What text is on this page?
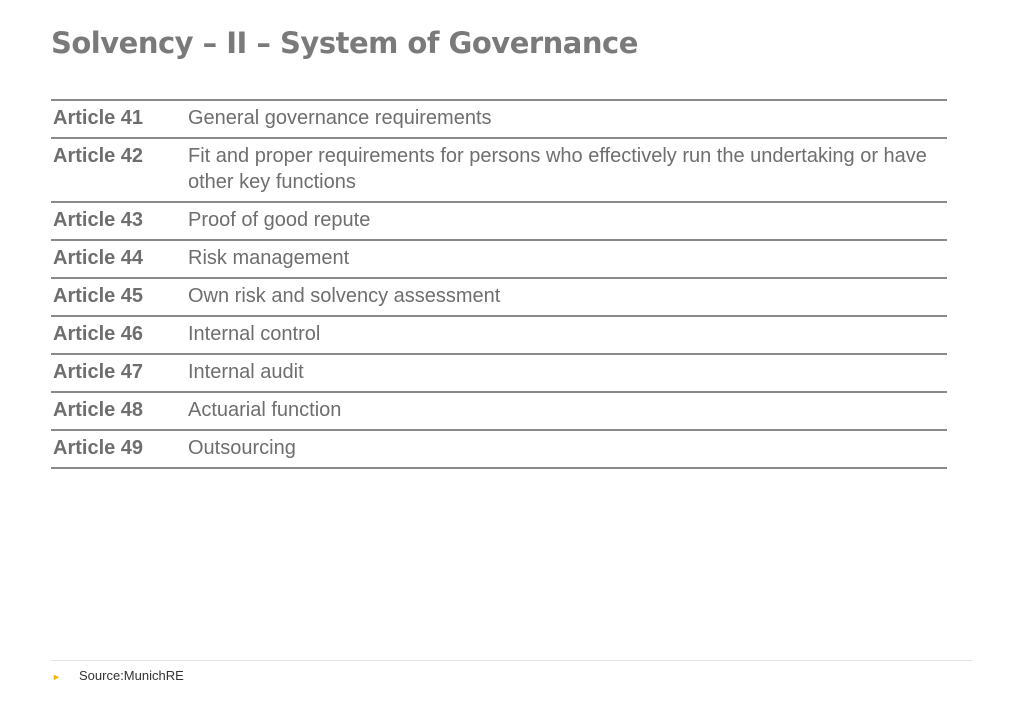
Solvency – II – System of Governance
Article 41	General governance requirements
Article 42	Fit and proper requirements for persons who effectively run the undertaking or have other key functions
Article 43	Proof of good repute
Article 44	Risk management
Article 45	Own risk and solvency assessment
Article 46	Internal control
Article 47	Internal audit
Article 48	Actuarial function
Article 49	Outsourcing
► Source:MunichRE
